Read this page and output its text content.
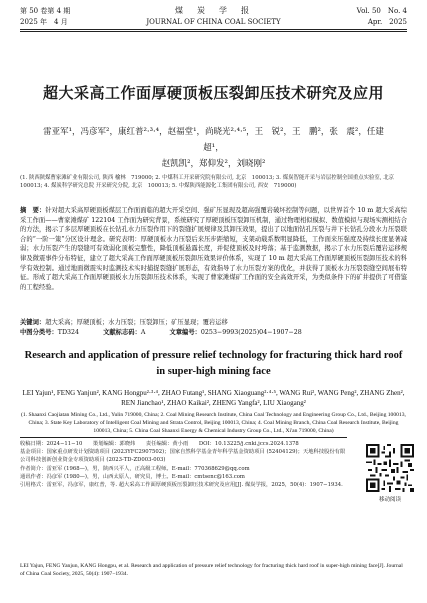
第 50 卷第 4 期
2025 年　4 月
煤　炭　学　报
JOURNAL OF CHINA COAL SOCIETY
Vol. 50　No. 4
Apr.　2025
超大采高工作面厚硬顶板压裂卸压技术研究及应用
雷亚军¹，冯彦军²，康红普²·³·⁴，赵福堂¹，尚晓光²·⁴·⁵，王　锐²，王　鹏²，张　震²，任建超¹，
赵凯凯²，郑仰发²，刘晓刚²
(1. 陕西陕煤曹家滩矿业有限公司, 陕西 榆林　719000; 2. 中煤科工开采研究院有限公司, 北京　100013; 3. 煤炭智能开采与岩层控制全国重点实验室, 北京　100013; 4. 煤炭科学研究总院 开采研究分院, 北京　100013; 5. 中煤陕西能源化工集团有限公司, 西安　719000)
摘　要：针对超大采高厚硬顶板煤层工作面面临的超大开采空间、强矿压显现及超高强覆岩破坏控制等问题，以世界首个 10 m 超大采高综采工作面——曹家滩煤矿 122104 工作面为研究背景，系统研究了厚硬顶板压裂卸压机制，通过物理相似模拟、数值模拟与现场实测相结合的方法，揭示了多层厚硬顶板在长钻孔水力压裂作用下的裂缝扩展规律及其卸压效果，提出了以地面钻孔压裂与井下长钻孔分段水力压裂联合的“一阶一策”分区设计理念。研究表明：厚硬顶板水力压裂后来压步距缩短，支架动载系数明显降低，工作面来压强度及持续长度显著减弱；水力压裂产生的裂缝可有效弱化顶板完整性，降低顶板悬露长度，并促使顶板及时垮落；基于监测数据，揭示了水力压裂后覆岩运移规律及微震事件分布特征，建立了超大采高工作面厚硬顶板压裂卸压效果评价体系，实现了 10 m 超大采高工作面厚硬顶板压裂卸压技术的科学有效控制。通过地面微震实时监测技术实时捕捉裂缝扩展形态，有效指导了水力压裂方案的优化，并获得了顶板水力压裂裂缝空间展布特征。形成了超大采高工作面厚硬顶板水力压裂卸压技术体系，实现了曹家滩煤矿工作面的安全高效开采，为类似条件下的矿井提供了可借鉴的工程经验。
关键词：超大采高；厚硬顶板；水力压裂；压裂卸压；矿压显现；覆岩运移
中图分类号：TD324	文献标志码：A	文章编号：0253−9993(2025)04−1907−28
Research and application of pressure relief technology for fracturing thick hard roof in super-high mining face
LEI Yajun¹, FENG Yanjun², KANG Hongpu²·³·⁴, ZHAO Futang¹, SHANG Xiaoguang²·⁴·⁵, WANG Rui², WANG Peng², ZHANG Zhen², REN Jianchao¹, ZHAO Kaikai², ZHENG Yangfa², LIU Xiaogang²
(1. Shaanxi Caojiatan Mining Co., Ltd., Yulin 719000, China; 2. Coal Mining Research Institute, China Coal Technology and Engineering Group Co., Ltd., Beijing 100013, China; 3. State Key Laboratory of Intelligent Coal Mining and Strata Control, Beijing 100013, China; 4. Coal Mining Branch, China Coal Research Institute, Beijing 100013, China; 5. China Coal Shaanxi Energy & Chemical Industry Group Co., Ltd., Xi'an 719000, China)
收稿日期：2024−11−10　　策划编辑：郭晓炜　　责任编辑：黄小雨　　DOI：10.13225/j.cnki.jccs.2024.1378
基金项目：国家重点研发计划资助项目 (2023YFC2907502)；国家自然科学基金青年科学基金资助项目 (52404129)；天地科技股份有限公司科技创新创业资金专项资助项目 (2023-TD-ZD003-003)
作者简介：雷亚军 (1968—)，男，陕西兴平人，正高级工程师。E-mail：770368629@qq.com
通讯作者：冯彦军 (1980—)，男，山西太原人，研究员，博士。E-mail：cmtsenc@163.com
引用格式：雷亚军，冯彦军，康红普，等. 超大采高工作面厚硬顶板压裂卸压技术研究及应用[J]. 煤炭学报，2025，50(4)：1907−1934.
移动阅读
LEI Yajun, FENG Yanjun, KANG Hongpu, et al. Research and application of pressure relief technology for fracturing thick hard roof in super-high mining face[J]. Journal of China Coal Society, 2025, 50(4): 1907−1934.
